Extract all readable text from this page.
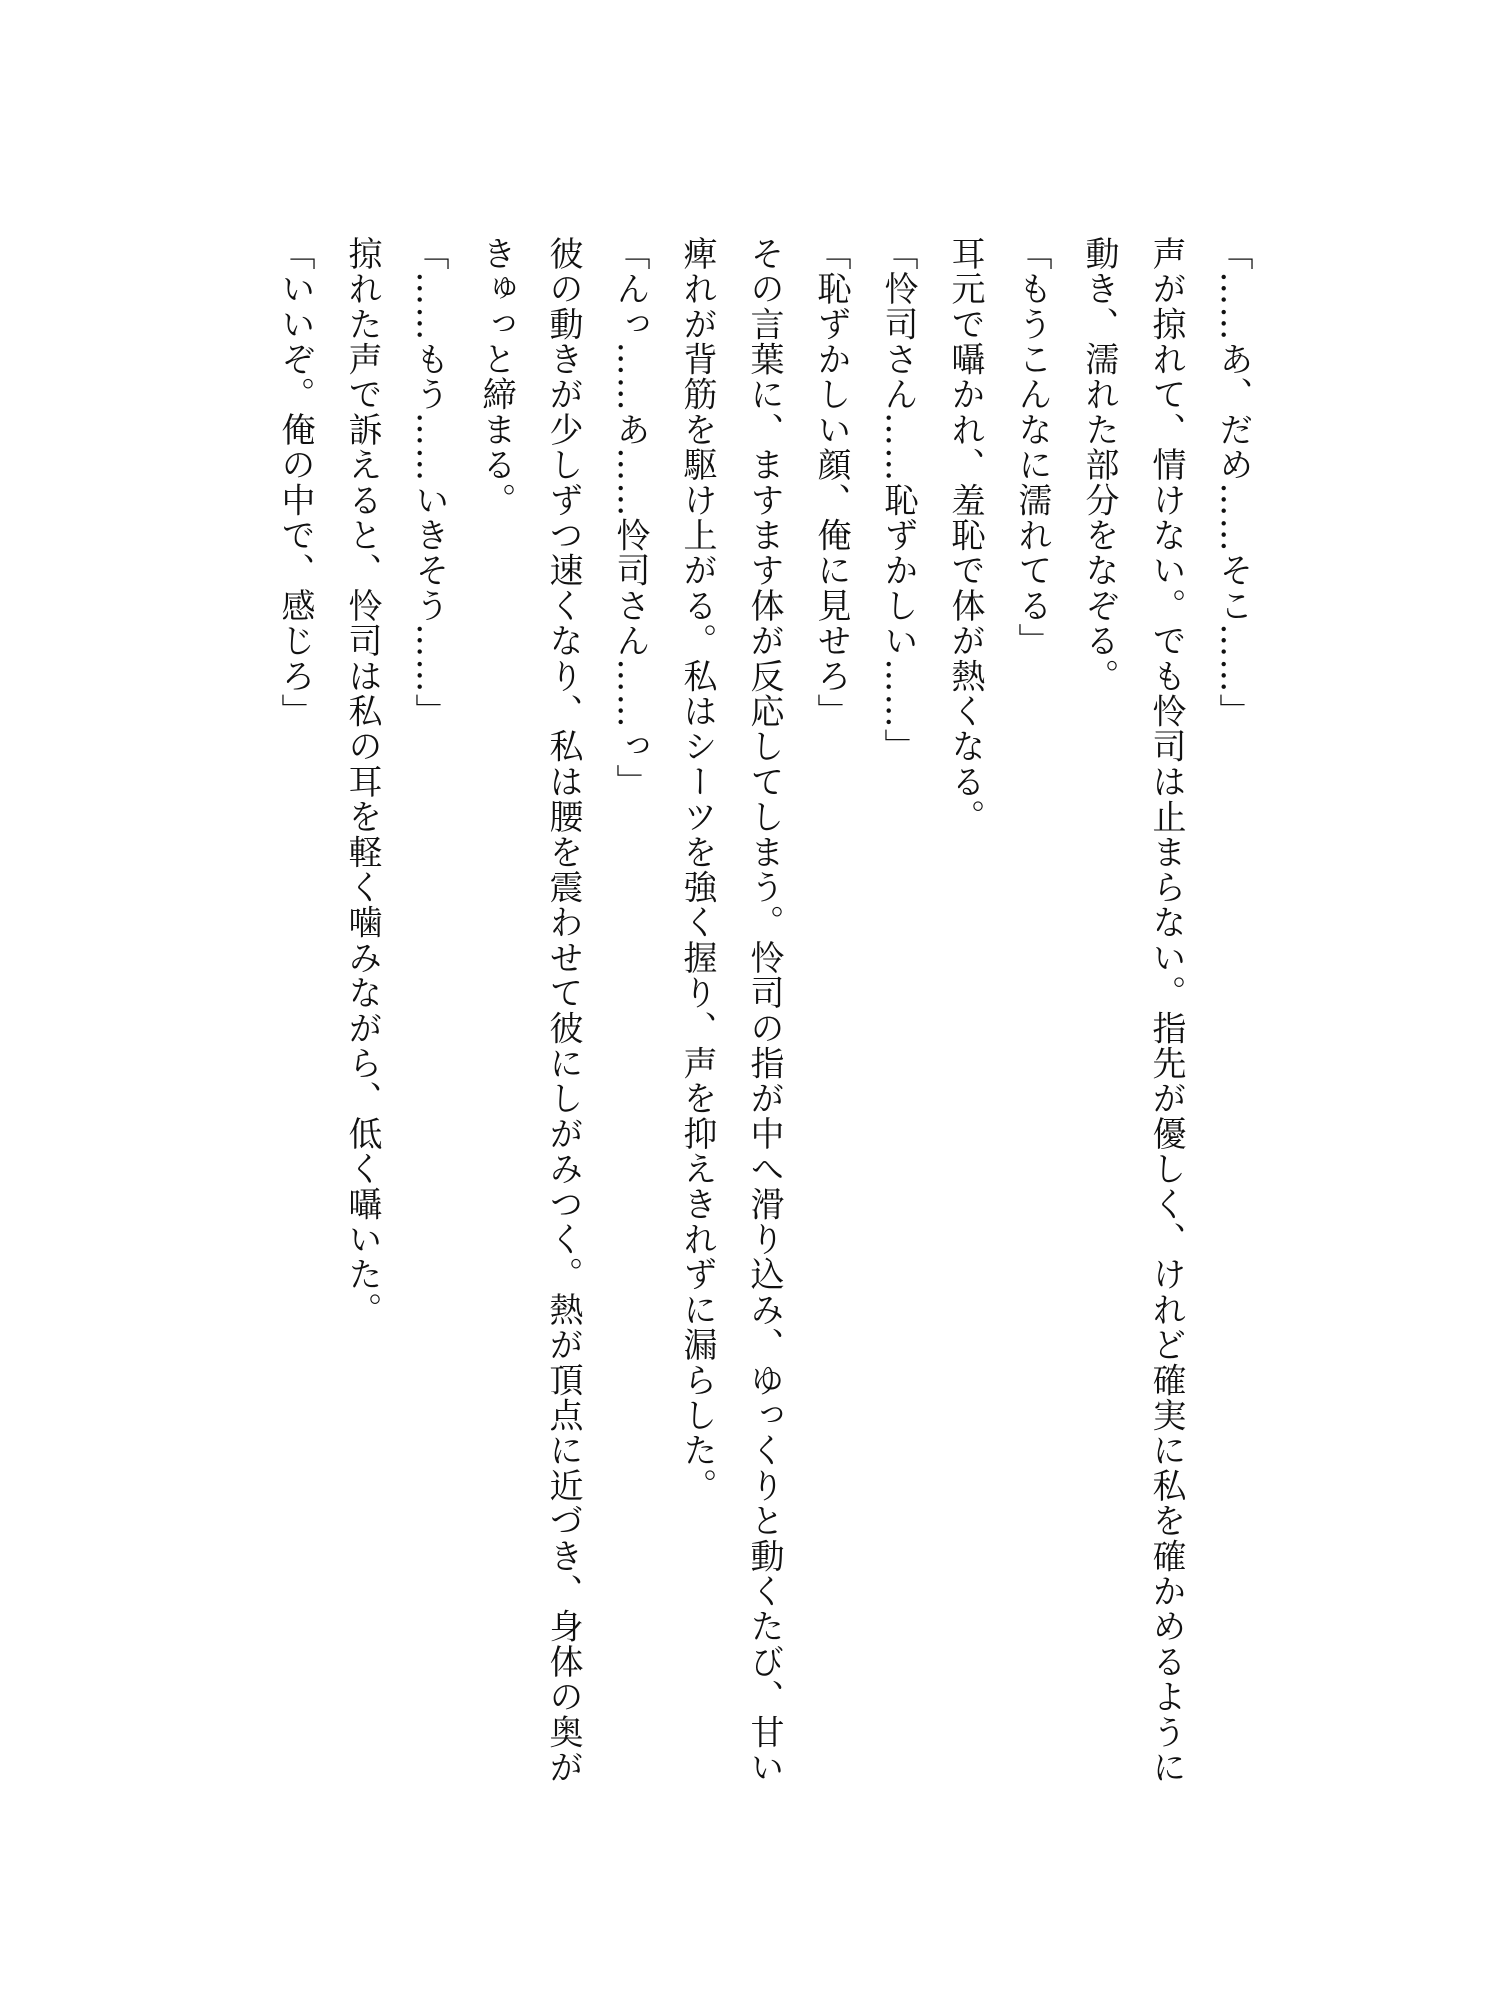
「……あ、だめ……そこ……」

声が掠れて、情けない。でも怜司は止まらない。指先が優しく、けれど確実に私を確かめるように動き、濡れた部分をなぞる。

「もうこんなに濡れてる」

耳元で囁かれ、羞恥で体が熱くなる。

「怜司さん……恥ずかしい……」

「恥ずかしい顔、俺に見せろ」

その言葉に、ますます体が反応してしまう。怜司の指が中へ滑り込み、ゆっくりと動くたび、甘い痺れが背筋を駆け上がる。私はシーツを強く握り、声を抑えきれずに漏らした。

「んっ……あ……怜司さん……っ」

彼の動きが少しずつ速くなり、私は腰を震わせて彼にしがみつく。熱が頂点に近づき、身体の奥がきゅっと締まる。

「……もう……いきそう……」

掠れた声で訴えると、怜司は私の耳を軽く噛みながら、低く囁いた。

「いいぞ。俺の中で、感じろ」
